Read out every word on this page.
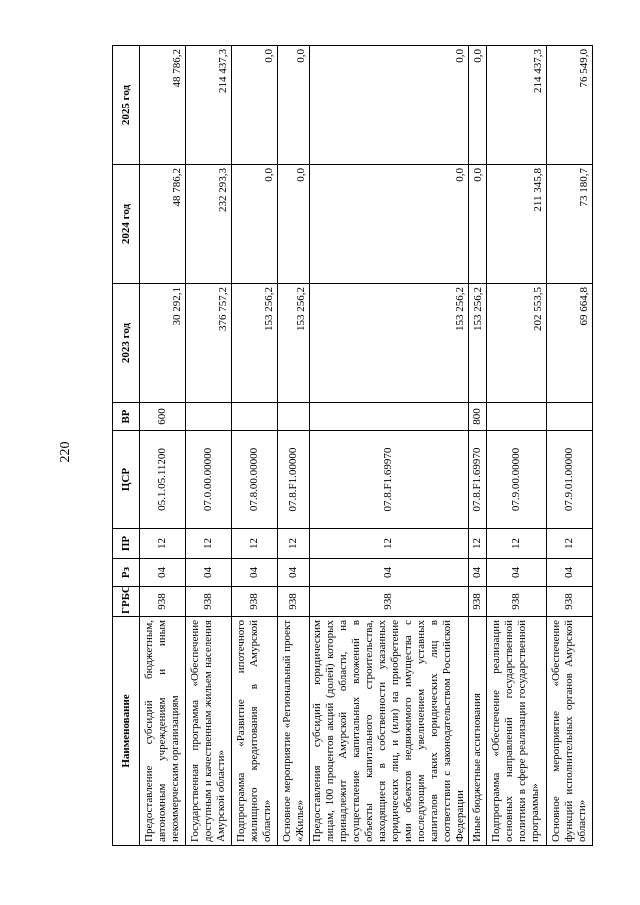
220
Наименование	ГРБС	Рз	ПР	ЦСР	ВР	2023 год	2024 год	2025 год
Предоставление субсидий бюджетным, автономным учреждениям и иным некоммерческим организациям	938	04	12	05.1.05.11200	600	30 292,1	48 786,2	48 786,2
Государственная программа «Обеспечение доступным и качественным жильем населения Амурской области»	938	04	12	07.0.00.00000		376 757,2	232 293,3	214 437,3
Подпрограмма «Развитие ипотечного жилищного кредитования в Амурской области»	938	04	12	07.8.00.00000		153 256,2	0,0	0,0
Основное мероприятие «Региональный проект «Жилье»	938	04	12	07.8.F1.00000		153 256,2	0,0	0,0
Предоставления субсидий юридическим лицам, 100 процентов акций (долей) которых принадлежит Амурской области, на осуществление капитальных вложений в объекты капитального строительства, находящиеся в собственности указанных юридических лиц, и (или) на приобретение ими объектов недвижимого имущества с последующим увеличением уставных капиталов таких юридических лиц в соответствии с законодательством Российской Федерации	938	04	12	07.8.F1.69970		153 256,2	0,0	0,0
Иные бюджетные ассигнования	938	04	12	07.8.F1.69970	800	153 256,2	0,0	0,0
Подпрограмма «Обеспечение реализации основных направлений государственной политики в сфере реализации государственной программы»	938	04	12	07.9.00.00000		202 553,5	211 345,8	214 437,3
Основное мероприятие «Обеспечение функций исполнительных органов Амурской области»	938	04	12	07.9.01.00000		69 664,8	73 180,7	76 549,0
